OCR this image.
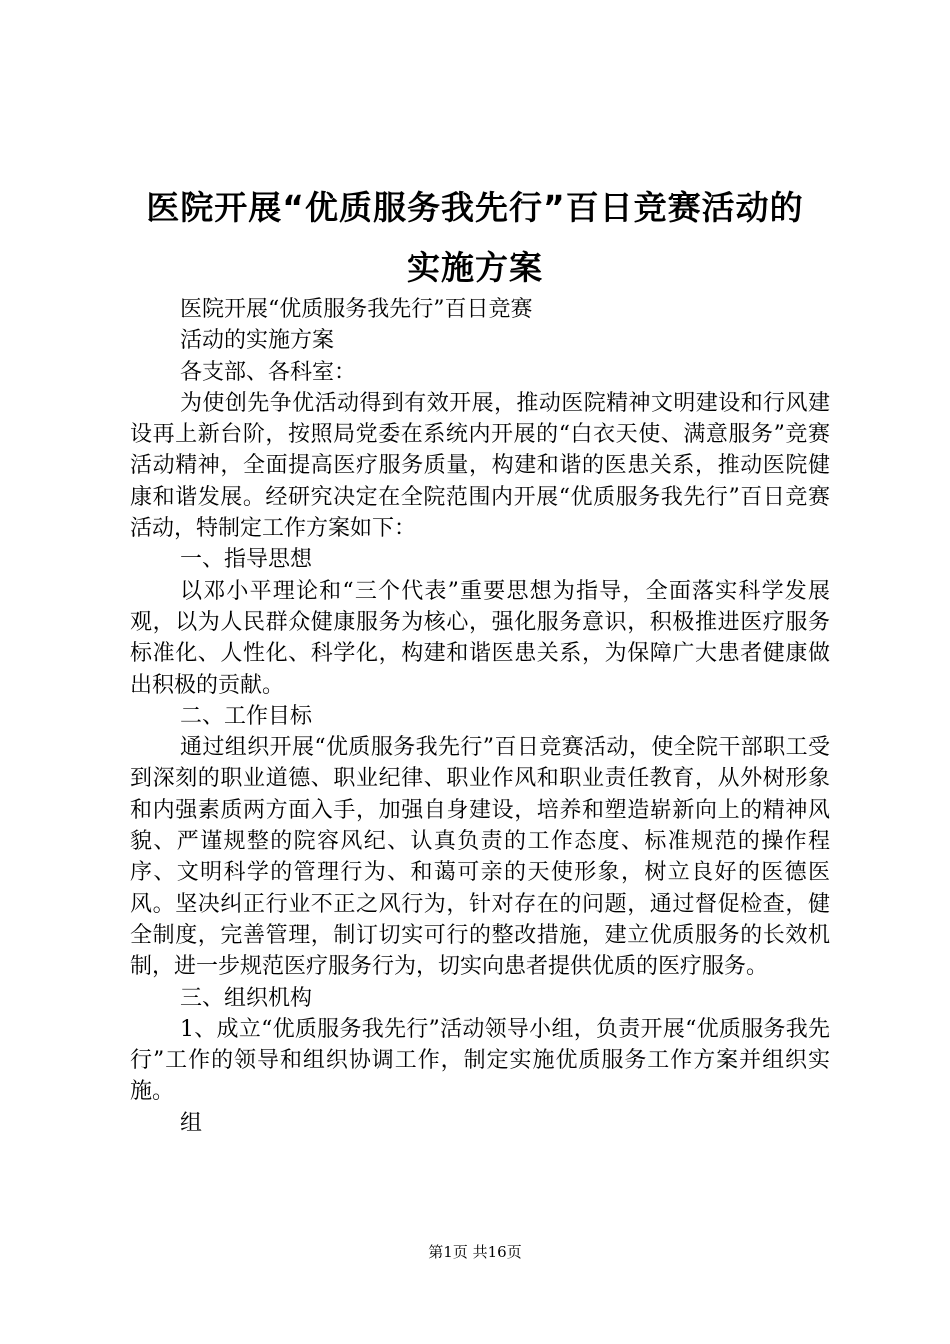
医院开展“优质服务我先行”百日竞赛活动的
实施方案

医院开展“优质服务我先行”百日竞赛

活动的实施方案

各支部、各科室：

为使创先争优活动得到有效开展，推动医院精神文明建设和行风建设再上新台阶，按照局党委在系统内开展的“白衣天使、满意服务”竞赛活动精神，全面提高医疗服务质量，构建和谐的医患关系，推动医院健康和谐发展。经研究决定在全院范围内开展“优质服务我先行”百日竞赛活动，特制定工作方案如下：

一、指导思想

以邓小平理论和“三个代表”重要思想为指导，全面落实科学发展观，以为人民群众健康服务为核心，强化服务意识，积极推进医疗服务标准化、人性化、科学化，构建和谐医患关系，为保障广大患者健康做出积极的贡献。

二、工作目标

通过组织开展“优质服务我先行”百日竞赛活动，使全院干部职工受到深刻的职业道德、职业纪律、职业作风和职业责任教育，从外树形象和内强素质两方面入手，加强自身建设，培养和塑造崭新向上的精神风貌、严谨规整的院容风纪、认真负责的工作态度、标准规范的操作程序、文明科学的管理行为、和蔼可亲的天使形象，树立良好的医德医风。坚决纠正行业不正之风行为，针对存在的问题，通过督促检查，健全制度，完善管理，制订切实可行的整改措施，建立优质服务的长效机制，进一步规范医疗服务行为，切实向患者提供优质的医疗服务。

三、组织机构

1、成立“优质服务我先行”活动领导小组，负责开展“优质服务我先行”工作的领导和组织协调工作，制定实施优质服务工作方案并组织实施。

组

第1页 共16页
